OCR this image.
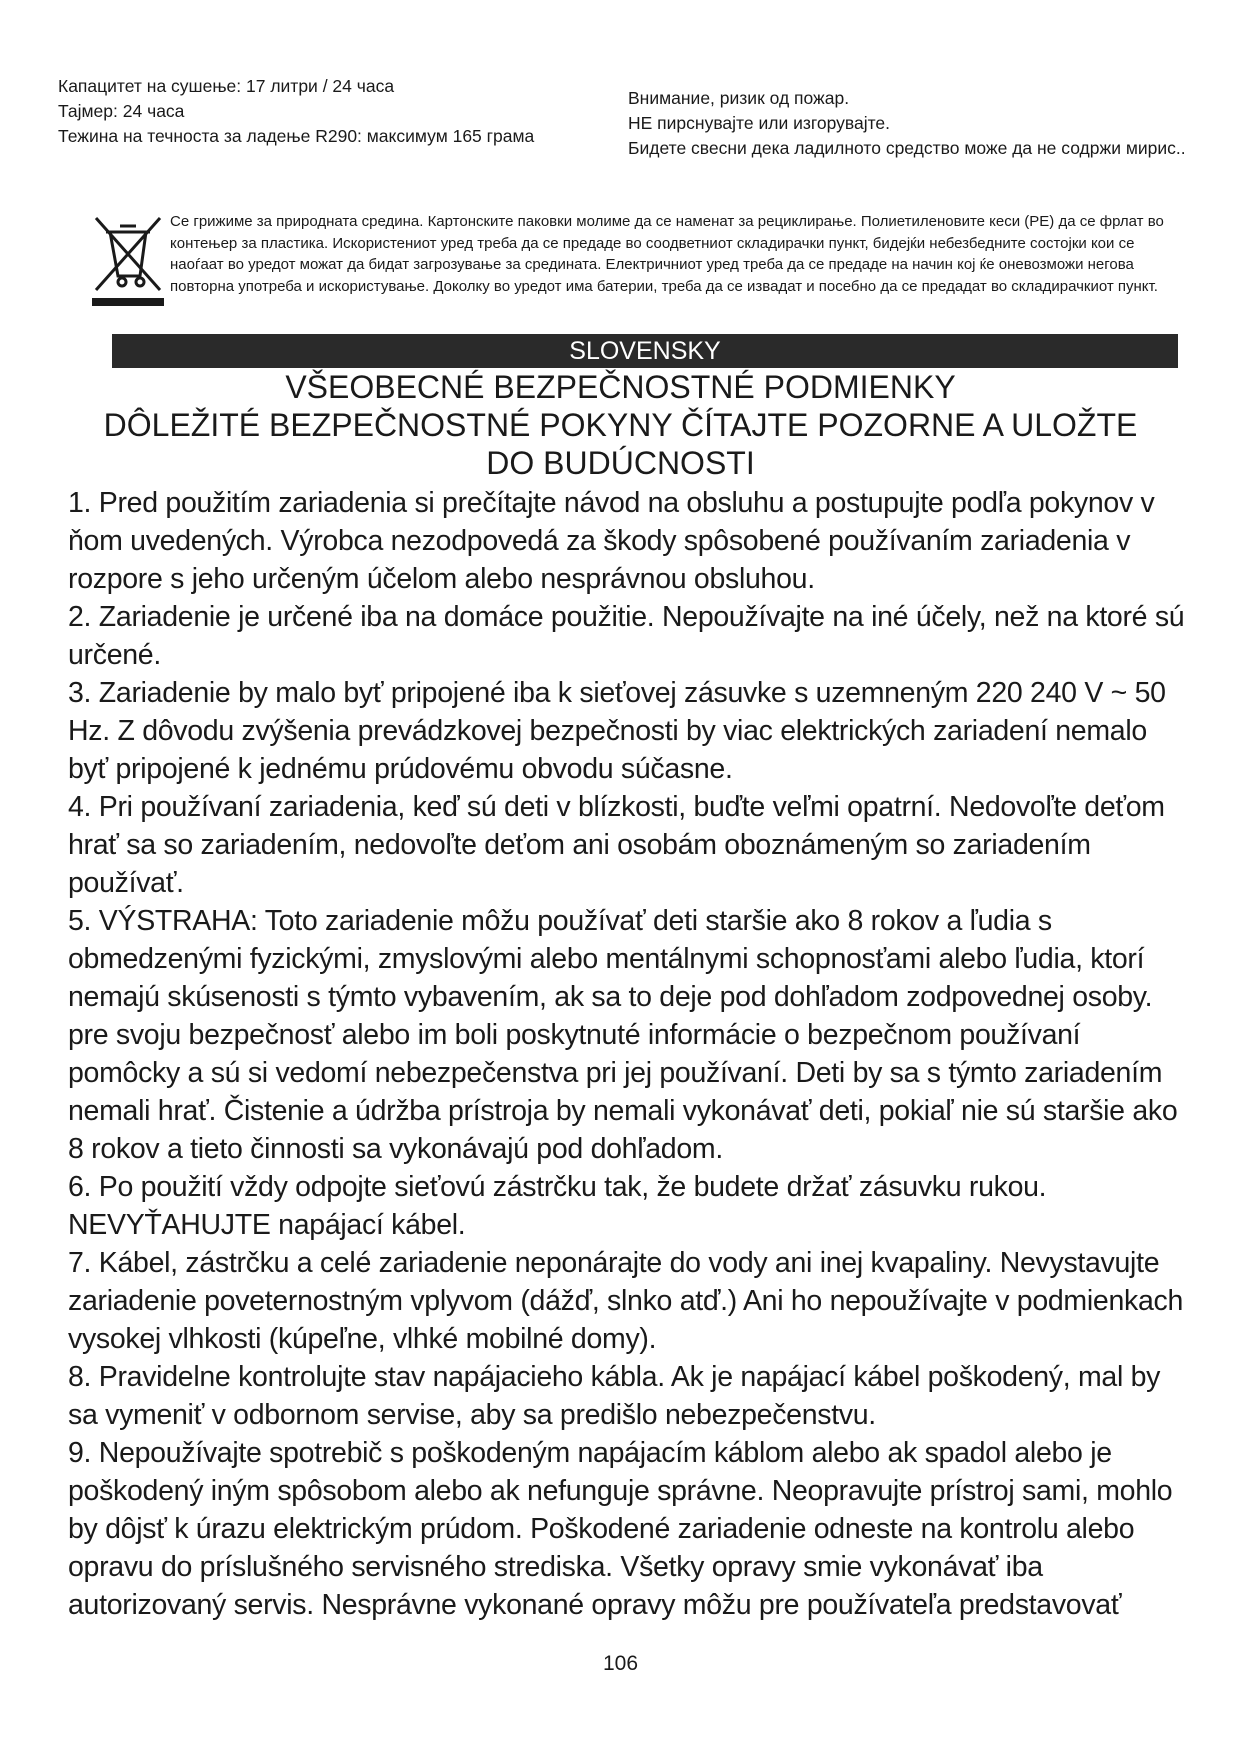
Капацитет на сушење: 17 литри / 24 часа
Тајмер: 24 часа
Тежина на течноста за ладење R290: максимум 165 грама
Внимание, ризик од пожар.
НЕ пирснувајте или изгорувајте.
Бидете свесни дека ладилното средство може да не содржи мирис..
Се грижиме за природната средина. Картонските паковки молиме да се наменат за рециклирање. Полиетиленовите кеси (PE) да се фрлат во контењер за пластика. Искористениот уред треба да се предаде во соодветниот складирачки пункт, бидејќи небезбедните состојки кои се наоѓаат во уредот можат да бидат загрозување за средината. Електричниот уред треба да се предаде на начин кој ќе оневозможи негова повторна употреба и искористување. Доколку во уредот има батерии, треба да се извадат и посебно да се предадат во складирачкиот пункт.
SLOVENSKY
VŠEOBECNÉ BEZPEČNOSTNÉ PODMIENKY
DÔLEŽITÉ BEZPEČNOSTNÉ POKYNY ČÍTAJTE POZORNE A ULOŽTE DO BUDÚCNOSTI

1. Pred použitím zariadenia si prečítajte návod na obsluhu a postupujte podľa pokynov v ňom uvedených. Výrobca nezodpovedá za škody spôsobené používaním zariadenia v rozpore s jeho určeným účelom alebo nesprávnou obsluhou.

2. Zariadenie je určené iba na domáce použitie. Nepoužívajte na iné účely, než na ktoré sú určené.

3. Zariadenie by malo byť pripojené iba k sieťovej zásuvke s uzemneným 220 240 V ~ 50 Hz. Z dôvodu zvýšenia prevádzkovej bezpečnosti by viac elektrických zariadení nemalo byť pripojené k jednému prúdovému obvodu súčasne.

4. Pri používaní zariadenia, keď sú deti v blízkosti, buďte veľmi opatrní. Nedovoľte deťom hrať sa so zariadením, nedovoľte deťom ani osobám oboznámeným so zariadením používať.

5. VÝSTRAHA: Toto zariadenie môžu používať deti staršie ako 8 rokov a ľudia s obmedzenými fyzickými, zmyslovými alebo mentálnymi schopnosťami alebo ľudia, ktorí nemajú skúsenosti s týmto vybavením, ak sa to deje pod dohľadom zodpovednej osoby. pre svoju bezpečnosť alebo im boli poskytnuté informácie o bezpečnom používaní pomôcky a sú si vedomí nebezpečenstva pri jej používaní. Deti by sa s týmto zariadením nemali hrať. Čistenie a údržba prístroja by nemali vykonávať deti, pokiaľ nie sú staršie ako 8 rokov a tieto činnosti sa vykonávajú pod dohľadom.

6. Po použití vždy odpojte sieťovú zástrčku tak, že budete držať zásuvku rukou. NEVYŤAHUJTE napájací kábel.

7. Kábel, zástrčku a celé zariadenie neponárajte do vody ani inej kvapaliny. Nevystavujte zariadenie poveternostným vplyvom (dážď, slnko atď.) Ani ho nepoužívajte v podmienkach vysokej vlhkosti (kúpeľne, vlhké mobilné domy).

8. Pravidelne kontrolujte stav napájacieho kábla. Ak je napájací kábel poškodený, mal by sa vymeniť v odbornom servise, aby sa predišlo nebezpečenstvu.

9. Nepoužívajte spotrebič s poškodeným napájacím káblom alebo ak spadol alebo je poškodený iným spôsobom alebo ak nefunguje správne. Neopravujte prístroj sami, mohlo by dôjsť k úrazu elektrickým prúdom. Poškodené zariadenie odneste na kontrolu alebo opravu do príslušného servisného strediska. Všetky opravy smie vykonávať iba autorizovaný servis. Nesprávne vykonané opravy môžu pre používateľa predstavovať

106
